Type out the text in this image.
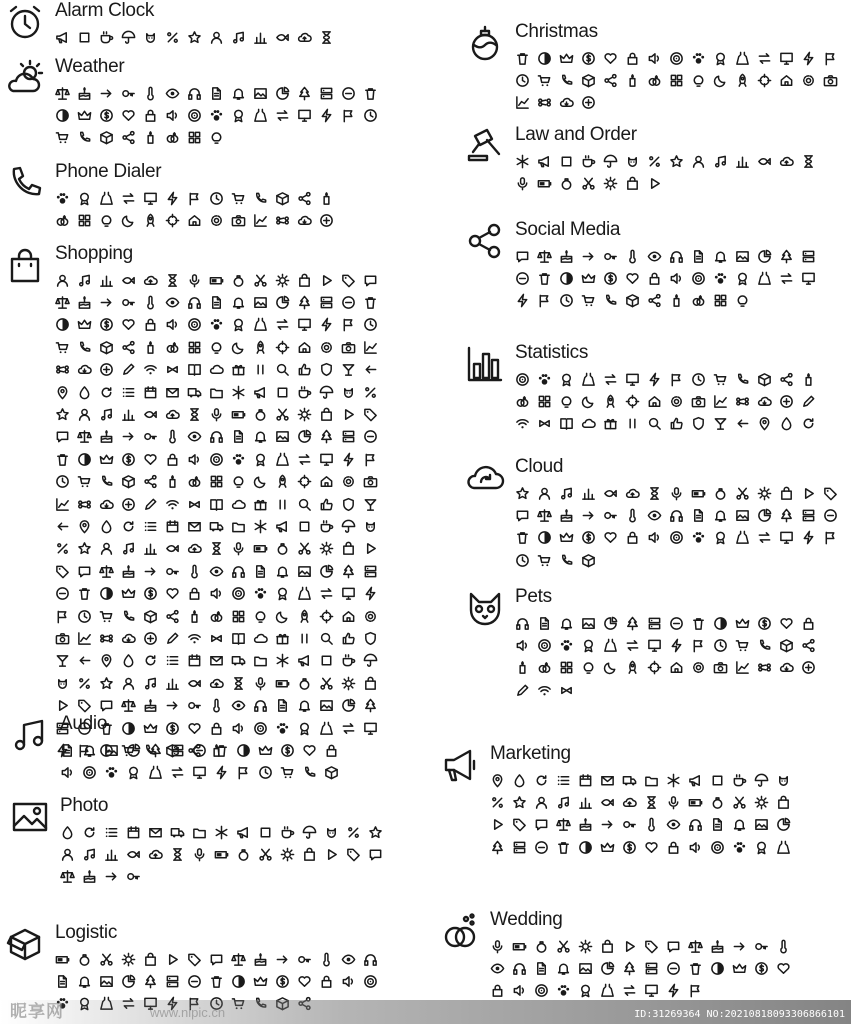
Alarm Clock
Weather
Phone Dialer
Shopping
Audio
Photo
Logistic
Christmas
Law and Order
Social Media
Statistics
Cloud
Pets
Marketing
Wedding
昵享网	www.nipic.cn	ID:31269364 NO:20210818093306866101
